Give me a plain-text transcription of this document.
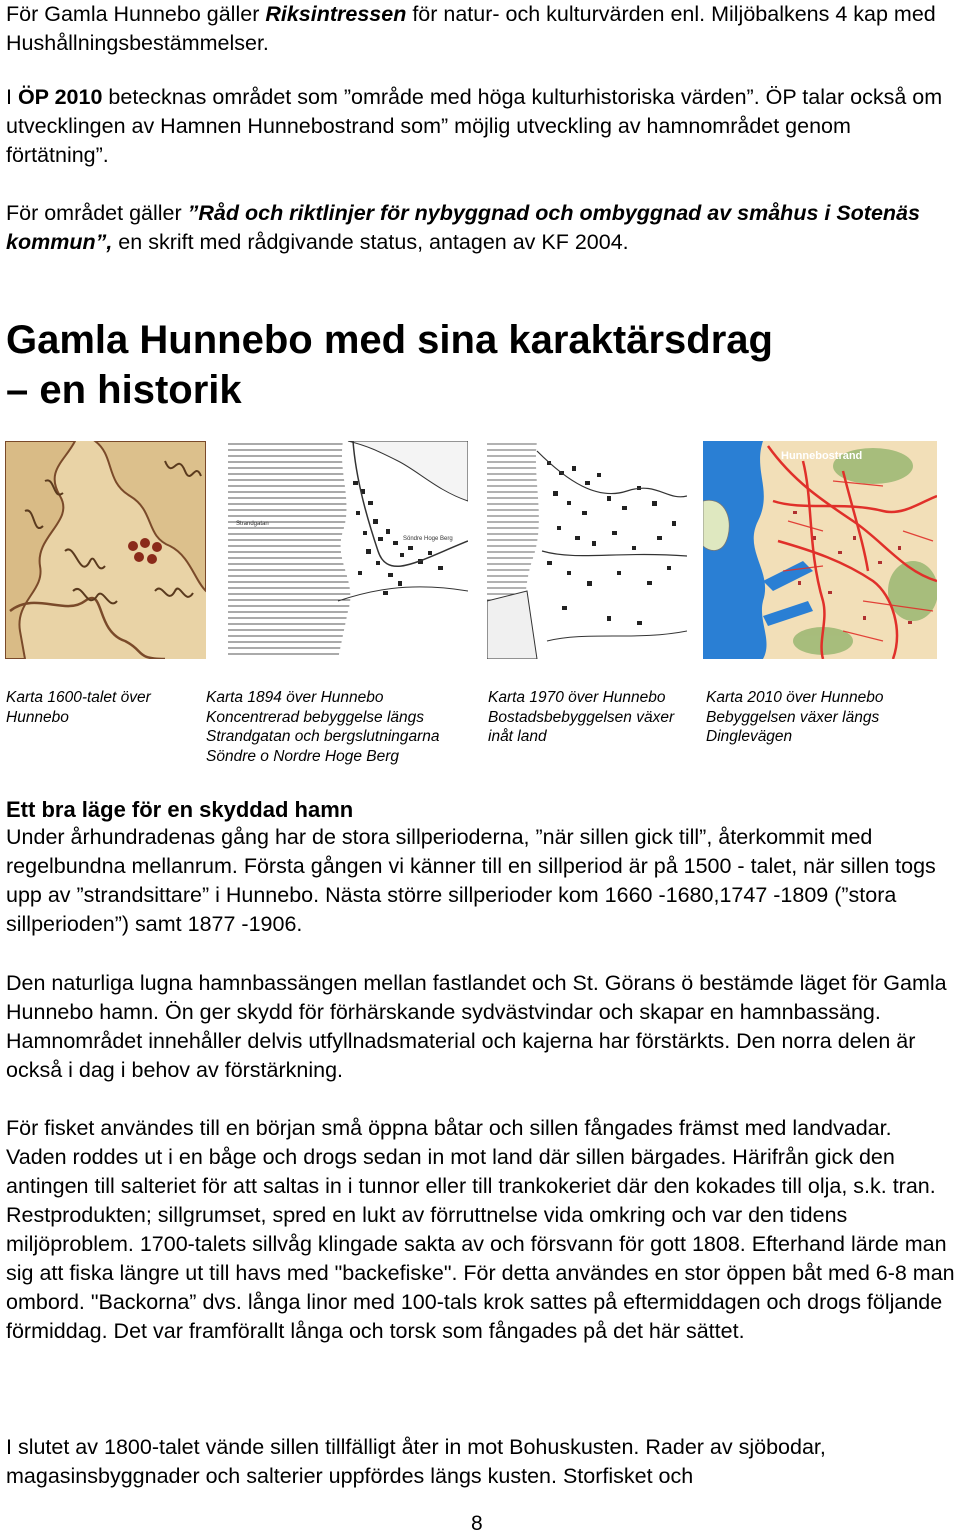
För Gamla Hunnebo gäller Riksintressen för natur- och kulturvärden enl. Miljöbalkens 4 kap med Hushållningsbestämmelser.
I ÖP 2010 betecknas området som ”område med höga kulturhistoriska värden”. ÖP talar också om utvecklingen av Hamnen Hunnebostrand som” möjlig utveckling av hamnområdet genom förtätning”.
För området gäller ”Råd och riktlinjer för nybyggnad och ombyggnad av småhus i Sotenäs kommun”, en skrift med rådgivande status, antagen av KF 2004.
Gamla Hunnebo med sina karaktärsdrag
– en historik
Strandgatan
Söndre Hoge Berg
Hunnebostrand
Karta 1600-talet över
Hunnebo
Karta 1894 över Hunnebo
Koncentrerad bebyggelse längs
Strandgatan och bergslutningarna
Söndre o Nordre Hoge Berg
Karta 1970 över Hunnebo
Bostadsbebyggelsen växer
inåt land
Karta 2010 över Hunnebo
Bebyggelsen växer längs
Dinglevägen
Ett bra läge för en skyddad hamn
Under århundradenas gång har de stora sillperioderna, ”när sillen gick till”, återkommit med regelbundna mellanrum. Första gången vi känner till en sillperiod är på 1500 - talet, när sillen togs upp av ”strandsittare” i Hunnebo. Nästa större sillperioder kom 1660 -1680,1747 -1809 (”stora sillperioden”) samt 1877 -1906.
Den naturliga lugna hamnbassängen mellan fastlandet och St. Görans ö bestämde läget för Gamla Hunnebo hamn. Ön ger skydd för förhärskande sydvästvindar och skapar en hamnbassäng. Hamnområdet innehåller delvis utfyllnadsmaterial och kajerna har förstärkts. Den norra delen är också i dag i behov av förstärkning.
För fisket användes till en början små öppna båtar och sillen fångades främst med landvadar. Vaden roddes ut i en båge och drogs sedan in mot land där sillen bärgades. Härifrån gick den antingen till salteriet för att saltas in i tunnor eller till trankokeriet där den kokades till olja, s.k. tran. Restprodukten; sillgrumset, spred en lukt av förruttnelse vida omkring och var den tidens miljöproblem. 1700-talets sillvåg klingade sakta av och försvann för gott 1808. Efterhand lärde man sig att fiska längre ut till havs med "backefiske". För detta användes en stor öppen båt med 6-8 man ombord. "Backorna” dvs. långa linor med 100-tals krok sattes på eftermiddagen och drogs följande förmiddag. Det var framförallt långa och torsk som fångades på det här sättet.
I slutet av 1800-talet vände sillen tillfälligt åter in mot Bohuskusten. Rader av sjöbodar, magasinsbyggnader och salterier uppfördes längs kusten. Storfisket och
8
